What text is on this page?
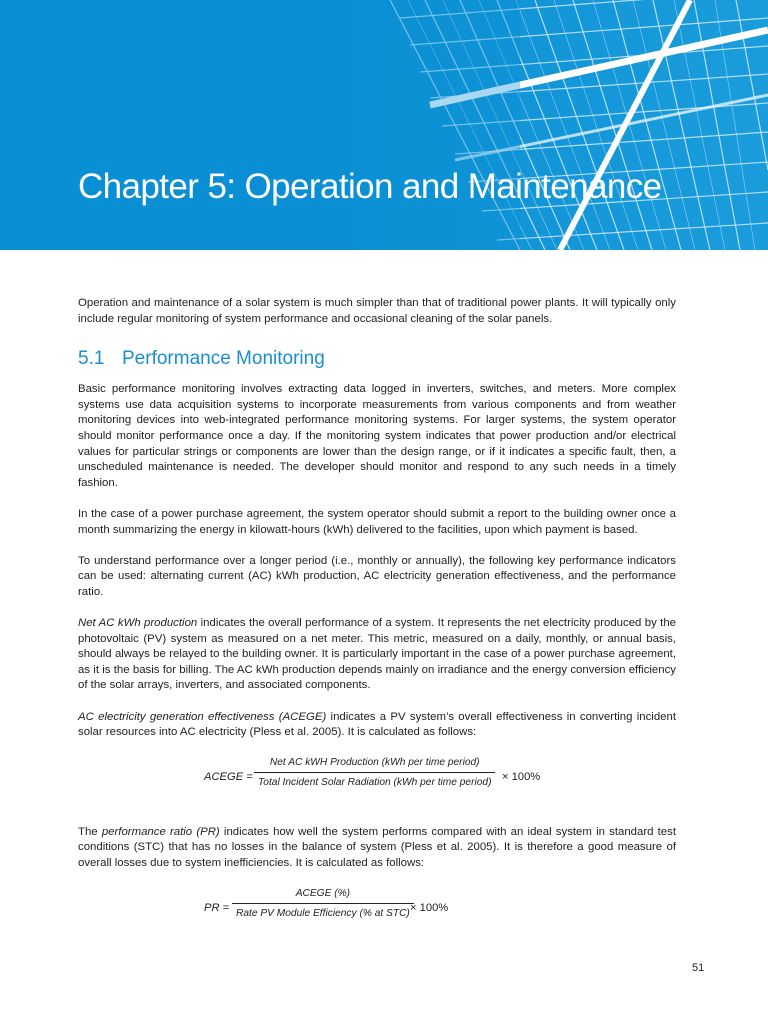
Chapter 5: Operation and Maintenance

Operation and maintenance of a solar system is much simpler than that of traditional power plants. It will typically only include regular monitoring of system performance and occasional cleaning of the solar panels.

5.1 Performance Monitoring

Basic performance monitoring involves extracting data logged in inverters, switches, and meters. More complex systems use data acquisition systems to incorporate measurements from various components and from weather monitoring devices into web-integrated performance monitoring systems. For larger systems, the system operator should monitor performance once a day. If the monitoring system indicates that power production and/or electrical values for particular strings or components are lower than the design range, or if it indicates a specific fault, then, a unscheduled maintenance is needed. The developer should monitor and respond to any such needs in a timely fashion.

In the case of a power purchase agreement, the system operator should submit a report to the building owner once a month summarizing the energy in kilowatt-hours (kWh) delivered to the facilities, upon which payment is based.

To understand performance over a longer period (i.e., monthly or annually), the following key performance indicators can be used: alternating current (AC) kWh production, AC electricity generation effectiveness, and the performance ratio.

Net AC kWh production indicates the overall performance of a system. It represents the net electricity produced by the photovoltaic (PV) system as measured on a net meter. This metric, measured on a daily, monthly, or annual basis, should always be relayed to the building owner. It is particularly important in the case of a power purchase agreement, as it is the basis for billing. The AC kWh production depends mainly on irradiance and the energy conversion efficiency of the solar arrays, inverters, and associated components.

AC electricity generation effectiveness (ACEGE) indicates a PV system’s overall effectiveness in converting incident solar resources into AC electricity (Pless et al. 2005). It is calculated as follows:

ACEGE =
Net AC kWH Production (kWh per time period)
Total Incident Solar Radiation (kWh per time period)
× 100%

The performance ratio (PR) indicates how well the system performs compared with an ideal system in standard test conditions (STC) that has no losses in the balance of system (Pless et al. 2005). It is therefore a good measure of overall losses due to system inefficiencies. It is calculated as follows:

PR =
ACEGE (%)
Rate PV Module Efficiency (% at STC)
× 100%
51
